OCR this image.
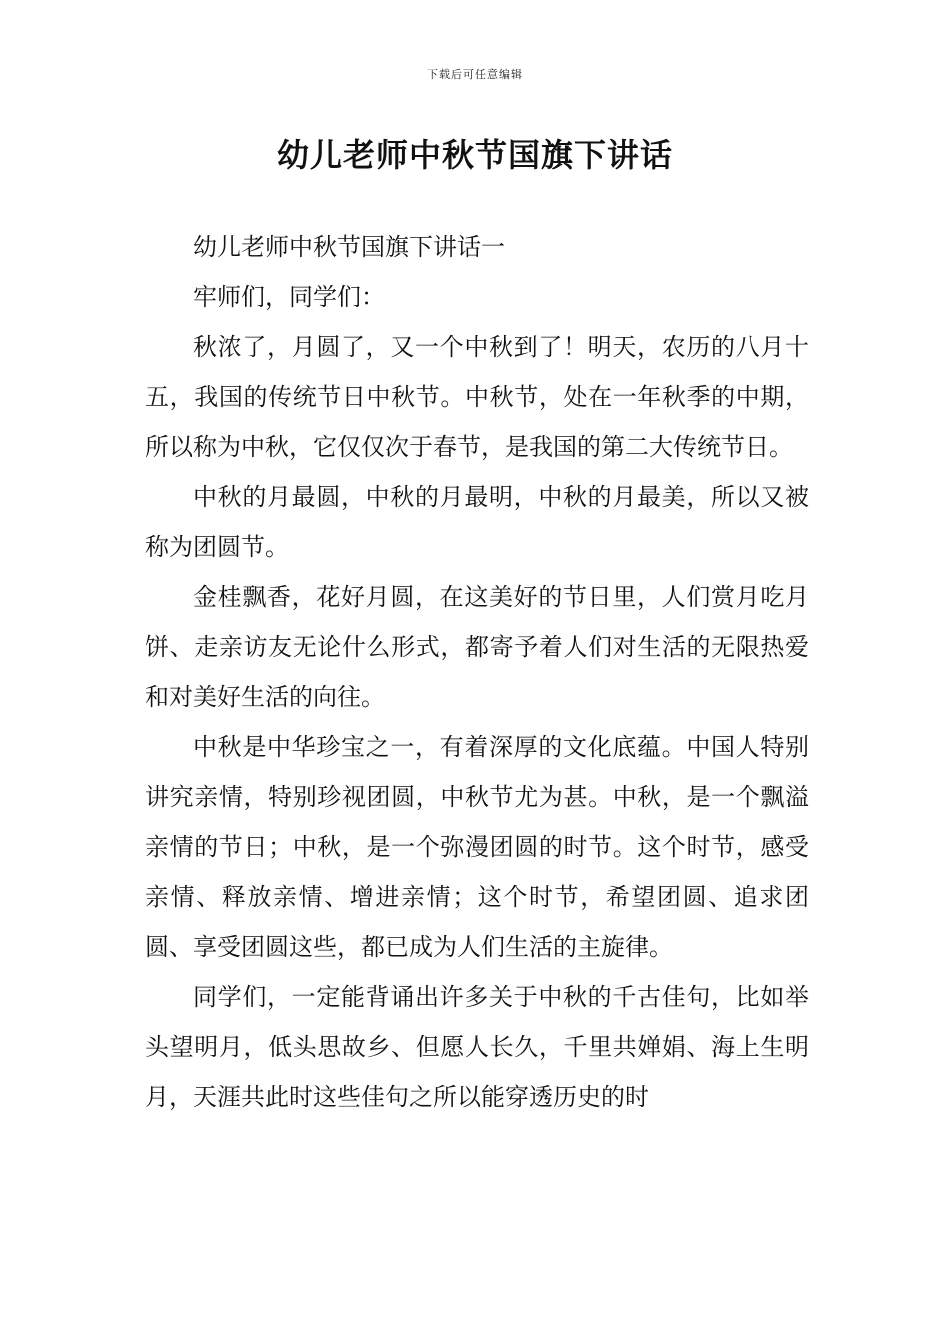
下载后可任意编辑
幼儿老师中秋节国旗下讲话

幼儿老师中秋节国旗下讲话一

牢师们，同学们：

秋浓了，月圆了，又一个中秋到了！明天，农历的八月十五，我国的传统节日中秋节。中秋节，处在一年秋季的中期，所以称为中秋，它仅仅次于春节，是我国的第二大传统节日。

中秋的月最圆，中秋的月最明，中秋的月最美，所以又被称为团圆节。

金桂飘香，花好月圆，在这美好的节日里，人们赏月吃月饼、走亲访友无论什么形式，都寄予着人们对生活的无限热爱和对美好生活的向往。

中秋是中华珍宝之一，有着深厚的文化底蕴。中国人特别讲究亲情，特别珍视团圆，中秋节尤为甚。中秋，是一个飘溢亲情的节日；中秋，是一个弥漫团圆的时节。这个时节，感受亲情、释放亲情、增进亲情；这个时节，希望团圆、追求团圆、享受团圆这些，都已成为人们生活的主旋律。

同学们，一定能背诵出许多关于中秋的千古佳句，比如举头望明月，低头思故乡、但愿人长久，千里共婵娟、海上生明月，天涯共此时这些佳句之所以能穿透历史的时
